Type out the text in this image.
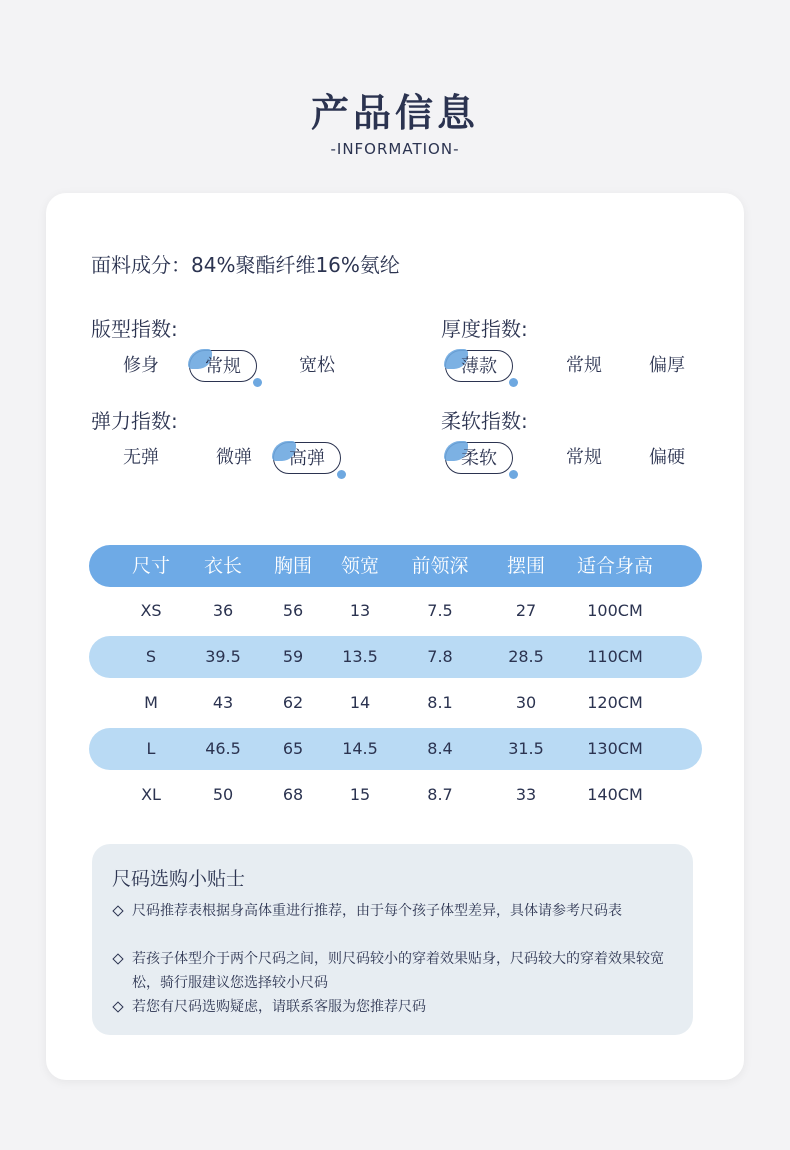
产品信息
-INFORMATION-
面料成分：84%聚酯纤维16%氨纶
版型指数:
修身	常规	宽松
厚度指数:
薄款	常规	偏厚
弹力指数:
无弹	微弹	高弹
柔软指数:
柔软	常规	偏硬
尺寸 衣长 胸围 领宽 前领深 摆围 适合身高
XS	36	56	13	7.5	27	100CM
S	39.5	59 13.5	7.8	28.5	110CM
M	43	62	14	8.1	30	120CM
L	46.5	65 14.5	8.4	31.5	130CM
XL	50	68	15	8.7	33	140CM
尺码选购小贴士
尺码推荐表根据身高体重进行推荐，由于每个孩子体型差异，具体请参考尺码表
若孩子体型介于两个尺码之间，则尺码较小的穿着效果贴身，尺码较大的穿着效果较宽松，骑行服建议您选择较小尺码
若您有尺码选购疑虑，请联系客服为您推荐尺码
